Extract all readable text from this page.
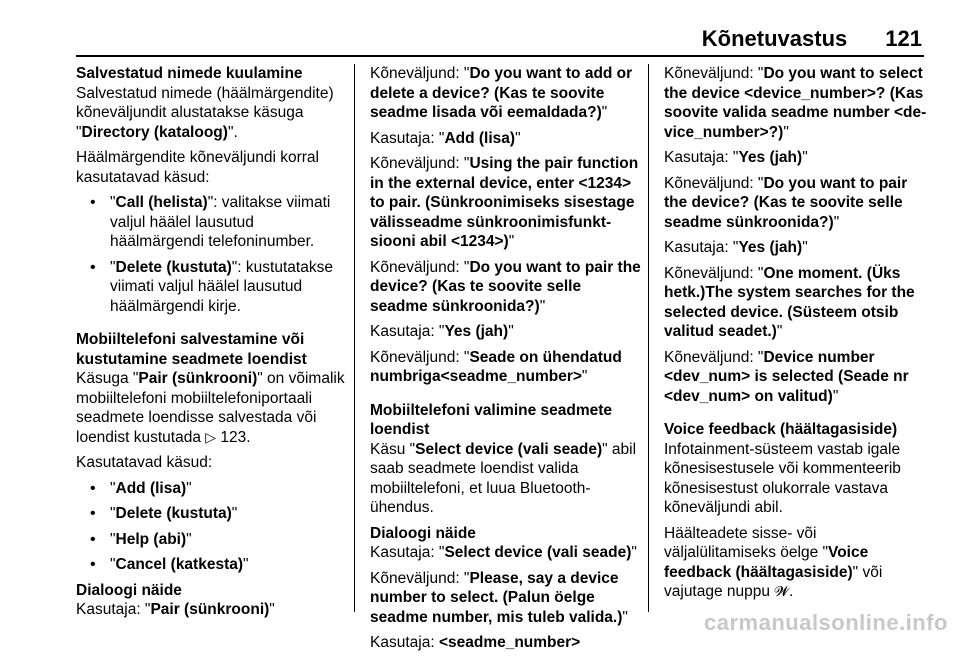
Kõnetuvastus 121

Salvestatud nimede kuulamine

Salvestatud nimede (häälmärgendite) kõneväljundit alustatakse käsuga "Directory (kataloog)".

Häälmärgendite kõneväljundi korral kasutatavad käsud:

• "Call (helista)": valitakse viimati valjul häälel lausutud häälmärgendi telefoninumber.
• "Delete (kustuta)": kustutatakse viimati valjul häälel lausutud häälmärgendi kirje.

Mobiiltelefoni salvestamine või kustutamine seadmete loendist

Käsuga "Pair (sünkrooni)" on võimalik mobiiltelefoni mobiiltelefoniportaali seadmete loendisse salvestada või loendist kustutada ▷ 123.

Kasutatavad käsud:

• "Add (lisa)"
• "Delete (kustuta)"
• "Help (abi)"
• "Cancel (katkesta)"

Dialoogi näide

Kasutaja: "Pair (sünkrooni)"

Kõneväljund: "Do you want to add or delete a device? (Kas te soovite seadme lisada või eemaldada?)"

Kasutaja: "Add (lisa)"

Kõneväljund: "Using the pair function in the external device, enter <1234> to pair. (Sünkroonimiseks sisestage välisseadme sünkroonimisfunktsiooni abil <1234>)"

Kõneväljund: "Do you want to pair the device? (Kas te soovite selle seadme sünkroonida?)"

Kasutaja: "Yes (jah)"

Kõneväljund: "Seade on ühendatud numbriga<seadme_number>"

Mobiiltelefoni valimine seadmete loendist

Käsu "Select device (vali seade)" abil saab seadmete loendist valida mobiiltelefoni, et luua Bluetooth-ühendus.

Dialoogi näide

Kasutaja: "Select device (vali seade)"

Kõneväljund: "Please, say a device number to select. (Palun öelge seadme number, mis tuleb valida.)"

Kasutaja: <seadme_number>

Kõneväljund: "Do you want to select the device <device_number>? (Kas soovite valida seadme number <device_number>?)"

Kasutaja: "Yes (jah)"

Kõneväljund: "Do you want to pair the device? (Kas te soovite selle seadme sünkroonida?)"

Kasutaja: "Yes (jah)"

Kõneväljund: "One moment. (Üks hetk.)The system searches for the selected device. (Süsteem otsib valitud seadet.)"

Kõneväljund: "Device number <dev_num> is selected (Seade nr <dev_num> on valitud)"

Voice feedback (häältagasiside)

Infotainment-süsteem vastab igale kõnesisestusele või kommenteerib kõnesisestust olukorrale vastava kõneväljundi abil.

Häälteadete sisse- või väljalülitamiseks öelge "Voice feedback (häältagasiside)" või vajutage nuppu 𝓦.

carmanualsonline.info
